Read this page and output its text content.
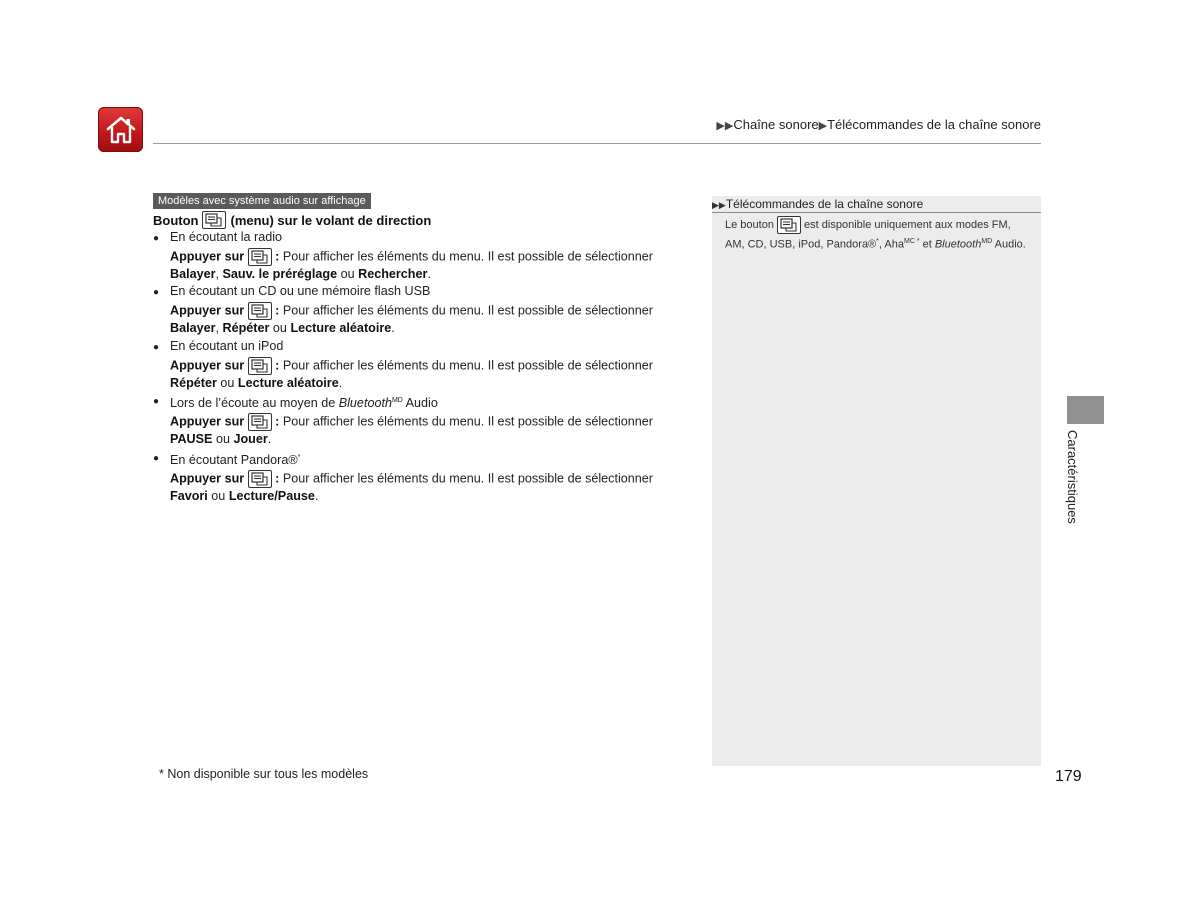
▶▶Chaîne sonore▶Télécommandes de la chaîne sonore
Modèles avec système audio sur affichage
Bouton (menu) sur le volant de direction
● En écoutant la radio
Appuyer sur
: Pour afficher les éléments du menu. Il est possible de sélectionner
Balayer, Sauv. le préréglage ou Rechercher.
● En écoutant un CD ou une mémoire flash USB
Appuyer sur
: Pour afficher les éléments du menu. Il est possible de sélectionner
Balayer, Répéter ou Lecture aléatoire.
● En écoutant un iPod
Appuyer sur
: Pour afficher les éléments du menu. Il est possible de sélectionner
Répéter ou Lecture aléatoire.
● Lors de l’écoute au moyen de Bluetooth$^{MD}$ Audio
Appuyer sur
: Pour afficher les éléments du menu. Il est possible de sélectionner
PAUSE ou Jouer.
● En écoutant Pandora®*
Appuyer sur
: Pour afficher les éléments du menu. Il est possible de sélectionner
Favori ou Lecture/Pause.
▶▶Télécommandes de la chaîne sonore
Le bouton
est disponible uniquement aux modes FM, AM, CD, USB, iPod, Pandora®*, Aha$^{MC *}$ et Bluetooth$^{MD}$ Audio.
* Non disponible sur tous les modèles	179
Caractéristiques
